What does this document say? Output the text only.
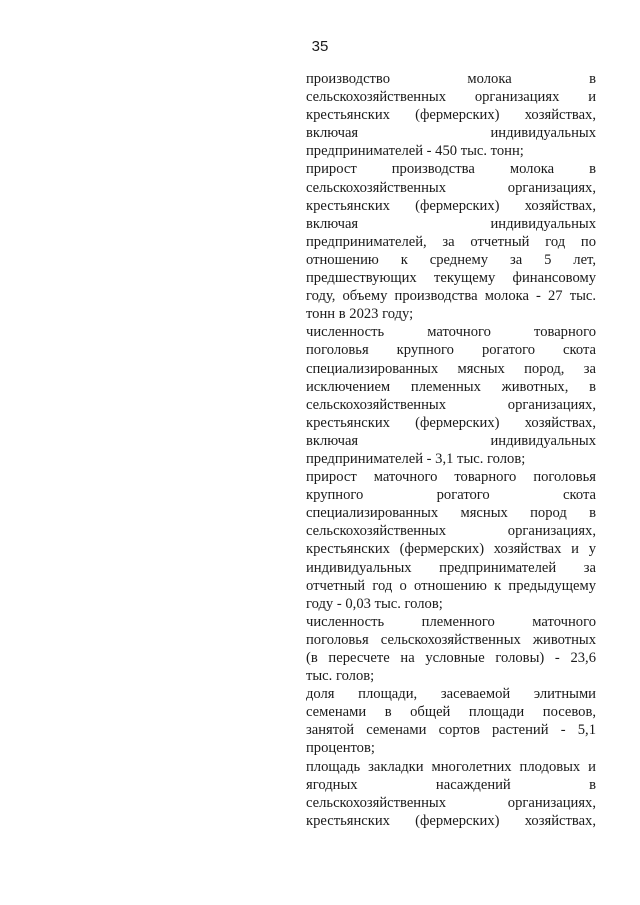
35
производство молока в
сельскохозяйственных организациях и
крестьянских (фермерских) хозяйствах,
включая индивидуальных
предпринимателей - 450 тыс. тонн;
прирост производства молока в
сельскохозяйственных организациях,
крестьянских (фермерских) хозяйствах,
включая индивидуальных
предпринимателей, за отчетный год по
отношению к среднему за 5 лет,
предшествующих текущему финансовому
году, объему производства молока - 27 тыс.
тонн в 2023 году;
численность маточного товарного
поголовья крупного рогатого скота
специализированных мясных пород, за
исключением племенных животных, в
сельскохозяйственных организациях,
крестьянских (фермерских) хозяйствах,
включая индивидуальных
предпринимателей - 3,1 тыс. голов;
прирост маточного товарного поголовья
крупного рогатого скота
специализированных мясных пород в
сельскохозяйственных организациях,
крестьянских (фермерских) хозяйствах и у
индивидуальных предпринимателей за
отчетный год о отношению к предыдущему
году - 0,03 тыс. голов;
численность племенного маточного
поголовья сельскохозяйственных животных
(в пересчете на условные головы) - 23,6
тыс. голов;
доля площади, засеваемой элитными
семенами в общей площади посевов,
занятой семенами сортов растений - 5,1
процентов;
площадь закладки многолетних плодовых и
ягодных насаждений в
сельскохозяйственных организациях,
крестьянских (фермерских) хозяйствах,
